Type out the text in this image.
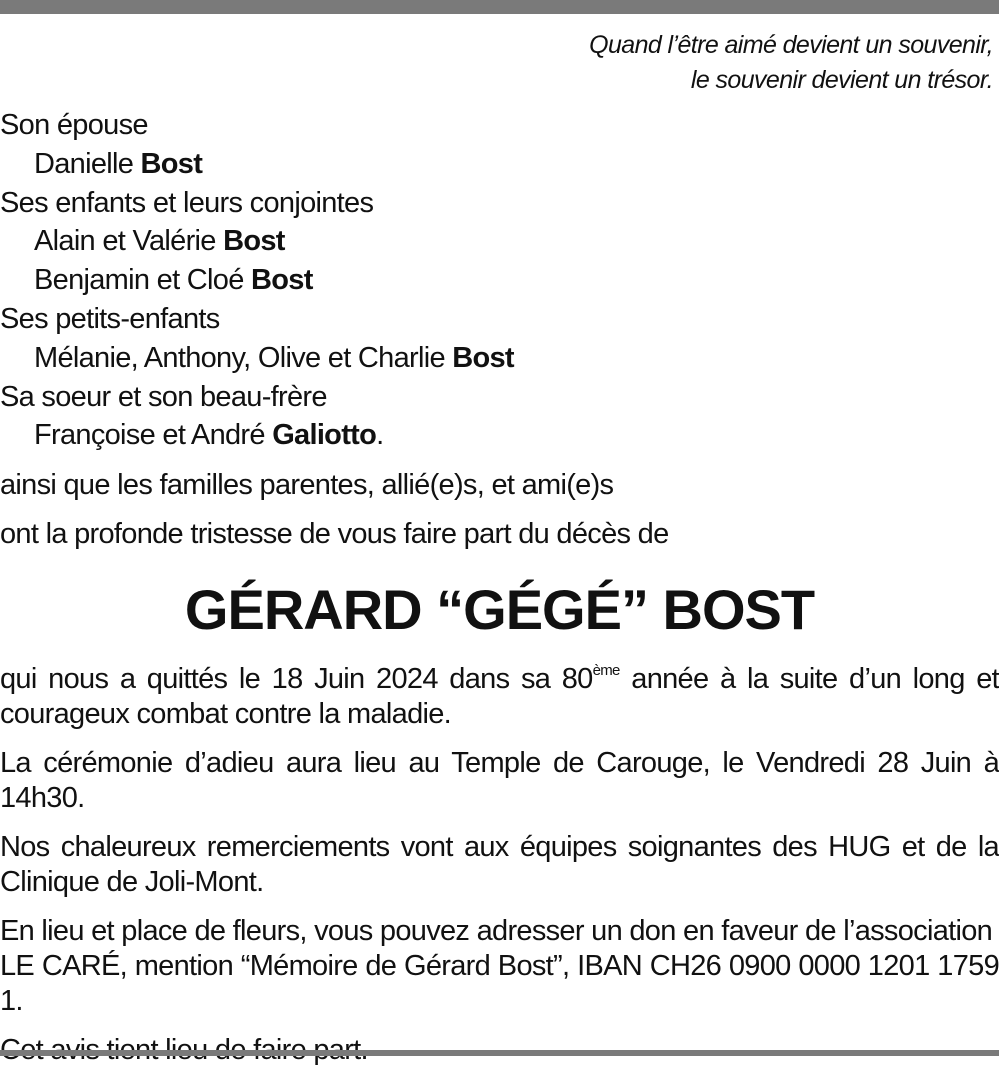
Quand l’être aimé devient un souvenir,
le souvenir devient un trésor.
Son épouse
Danielle Bost
Ses enfants et leurs conjointes
Alain et Valérie Bost
Benjamin et Cloé Bost
Ses petits-enfants
Mélanie, Anthony, Olive et Charlie Bost
Sa soeur et son beau-frère
Françoise et André Galiotto.
ainsi que les familles parentes, allié(e)s, et ami(e)s
ont la profonde tristesse de vous faire part du décès de
GÉRARD “GÉGÉ” BOST

qui nous a quittés le 18 Juin 2024 dans sa 80ème année à la suite d’un long et courageux combat contre la maladie.

La cérémonie d’adieu aura lieu au Temple de Carouge, le Vendredi 28 Juin à 14h30.

Nos chaleureux remerciements vont aux équipes soignantes des HUG et de la Clinique de Joli-Mont.

En lieu et place de fleurs, vous pouvez adresser un don en faveur de l’association
LE CARÉ, mention “Mémoire de Gérard Bost”, IBAN CH26 0900 0000 1201 1759 1.
